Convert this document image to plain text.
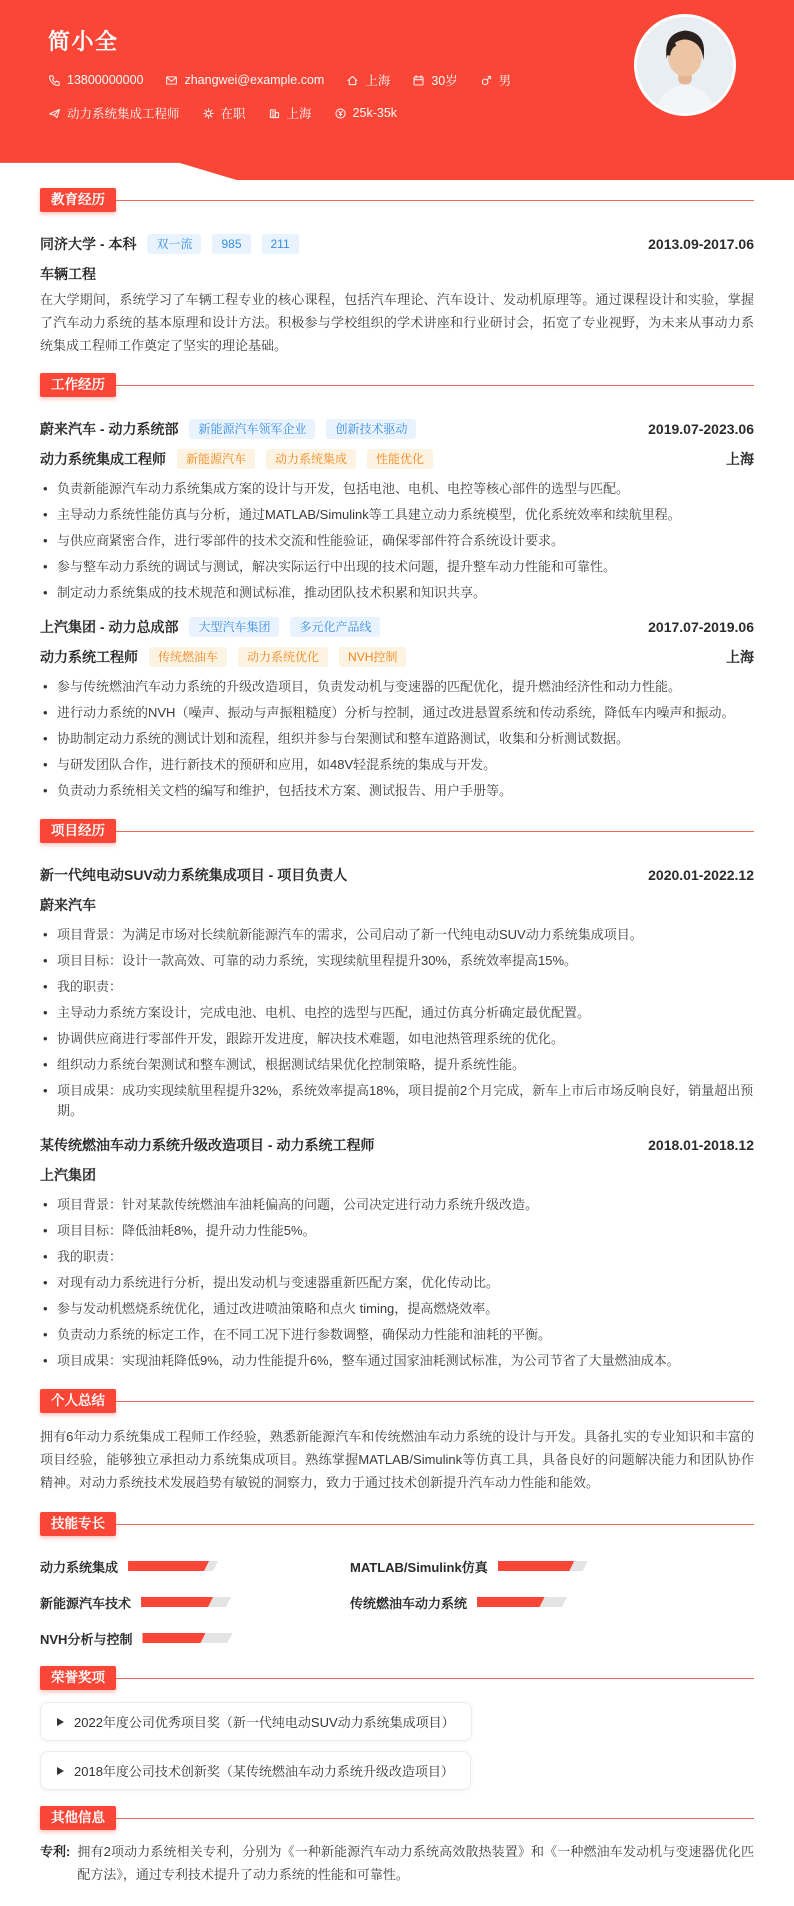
简小全
13800000000	zhangwei@example.com	上海	30岁	男
动力系统集成工程师	在职	上海	25k-35k
教育经历
同济大学 - 本科	双一流	985	211	2013.09-2017.06
车辆工程

在大学期间，系统学习了车辆工程专业的核心课程，包括汽车理论、汽车设计、发动机原理等。通过课程设计和实验，掌握了汽车动力系统的基本原理和设计方法。积极参与学校组织的学术讲座和行业研讨会，拓宽了专业视野，为未来从事动力系统集成工程师工作奠定了坚实的理论基础。

工作经历
蔚来汽车 - 动力系统部	新能源汽车领军企业	创新技术驱动	2019.07-2023.06
动力系统集成工程师	新能源汽车	动力系统集成	性能优化	上海
• 负责新能源汽车动力系统集成方案的设计与开发，包括电池、电机、电控等核心部件的选型与匹配。
• 主导动力系统性能仿真与分析，通过MATLAB/Simulink等工具建立动力系统模型，优化系统效率和续航里程。
• 与供应商紧密合作，进行零部件的技术交流和性能验证，确保零部件符合系统设计要求。
• 参与整车动力系统的调试与测试，解决实际运行中出现的技术问题，提升整车动力性能和可靠性。
• 制定动力系统集成的技术规范和测试标准，推动团队技术积累和知识共享。
上汽集团 - 动力总成部	大型汽车集团	多元化产品线	2017.07-2019.06
动力系统工程师	传统燃油车	动力系统优化	NVH控制	上海
• 参与传统燃油汽车动力系统的升级改造项目，负责发动机与变速器的匹配优化，提升燃油经济性和动力性能。
• 进行动力系统的NVH（噪声、振动与声振粗糙度）分析与控制，通过改进悬置系统和传动系统，降低车内噪声和振动。
• 协助制定动力系统的测试计划和流程，组织并参与台架测试和整车道路测试，收集和分析测试数据。
• 与研发团队合作，进行新技术的预研和应用，如48V轻混系统的集成与开发。
• 负责动力系统相关文档的编写和维护，包括技术方案、测试报告、用户手册等。
项目经历
新一代纯电动SUV动力系统集成项目 - 项目负责人	2020.01-2022.12
蔚来汽车
• 项目背景：为满足市场对长续航新能源汽车的需求，公司启动了新一代纯电动SUV动力系统集成项目。
• 项目目标：设计一款高效、可靠的动力系统，实现续航里程提升30%，系统效率提高15%。
• 我的职责：
• 主导动力系统方案设计，完成电池、电机、电控的选型与匹配，通过仿真分析确定最优配置。
• 协调供应商进行零部件开发，跟踪开发进度，解决技术难题，如电池热管理系统的优化。
• 组织动力系统台架测试和整车测试，根据测试结果优化控制策略，提升系统性能。
• 项目成果：成功实现续航里程提升32%，系统效率提高18%，项目提前2个月完成，新车上市后市场反响良好，销量超出预期。
某传统燃油车动力系统升级改造项目 - 动力系统工程师	2018.01-2018.12
上汽集团
• 项目背景：针对某款传统燃油车油耗偏高的问题，公司决定进行动力系统升级改造。
• 项目目标：降低油耗8%，提升动力性能5%。
• 我的职责：
• 对现有动力系统进行分析，提出发动机与变速器重新匹配方案，优化传动比。
• 参与发动机燃烧系统优化，通过改进喷油策略和点火 timing，提高燃烧效率。
• 负责动力系统的标定工作，在不同工况下进行参数调整，确保动力性能和油耗的平衡。
• 项目成果：实现油耗降低9%，动力性能提升6%，整车通过国家油耗测试标准，为公司节省了大量燃油成本。
个人总结

拥有6年动力系统集成工程师工作经验，熟悉新能源汽车和传统燃油车动力系统的设计与开发。具备扎实的专业知识和丰富的项目经验，能够独立承担动力系统集成项目。熟练掌握MATLAB/Simulink等仿真工具，具备良好的问题解决能力和团队协作精神。对动力系统技术发展趋势有敏锐的洞察力，致力于通过技术创新提升汽车动力性能和能效。

技能专长
动力系统集成	MATLAB/Simulink仿真
新能源汽车技术	传统燃油车动力系统
NVH分析与控制
荣誉奖项
2022年度公司优秀项目奖（新一代纯电动SUV动力系统集成项目）
2018年度公司技术创新奖（某传统燃油车动力系统升级改造项目）
其他信息
专利: 拥有2项动力系统相关专利，分别为《一种新能源汽车动力系统高效散热装置》和《一种燃油车发动机与变速器优化匹配方法》，通过专利技术提升了动力系统的性能和可靠性。
